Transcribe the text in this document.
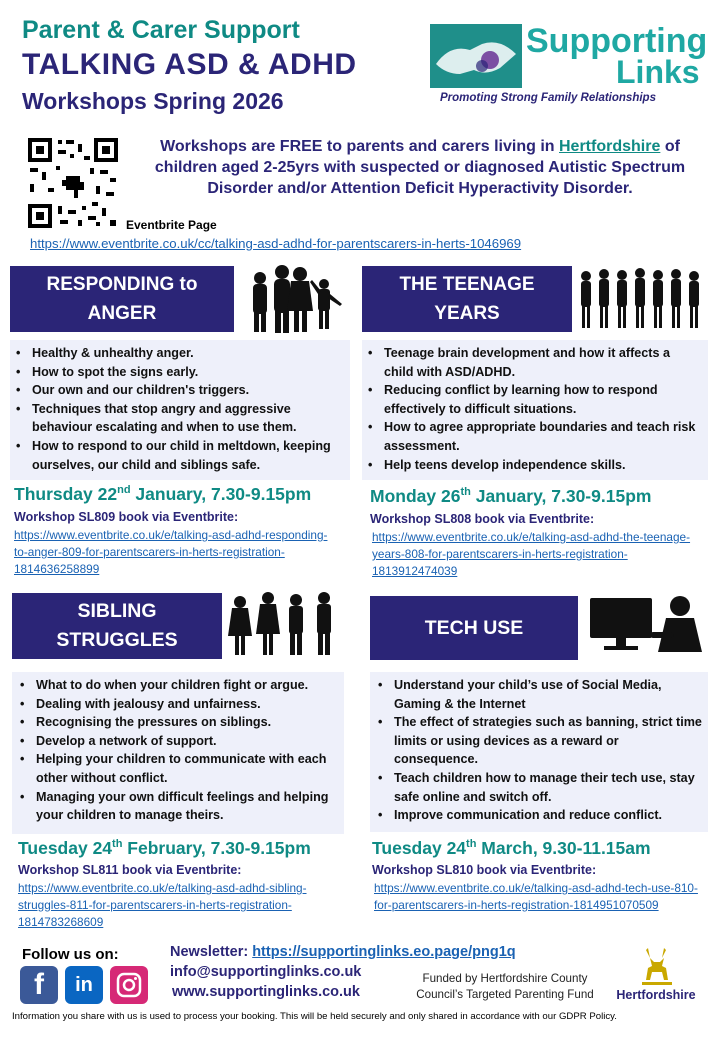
Parent & Carer Support
TALKING ASD & ADHD
Workshops Spring 2026
Supporting
Links
Promoting Strong Family Relationships
Eventbrite Page
Workshops are FREE to parents and carers living in Hertfordshire of children aged 2-25yrs with suspected or diagnosed Autistic Spectrum Disorder and/or Attention Deficit Hyperactivity Disorder.
https://www.eventbrite.co.uk/cc/talking-asd-adhd-for-parentscarers-in-herts-1046969
RESPONDING to
ANGER
• Healthy & unhealthy anger.
• How to spot the signs early.
• Our own and our children's triggers.
• Techniques that stop angry and aggressive behaviour escalating and when to use them.
• How to respond to our child in meltdown, keeping ourselves, our child and siblings safe.
Thursday 22nd January, 7.30-9.15pm
Workshop SL809 book via Eventbrite:
https://www.eventbrite.co.uk/e/talking-asd-adhd-responding-to-anger-809-for-parentscarers-in-herts-registration-1814636258899
THE TEENAGE
YEARS
• Teenage brain development and how it affects a child with ASD/ADHD.
• Reducing conflict by learning how to respond effectively to difficult situations.
• How to agree appropriate boundaries and teach risk assessment.
• Help teens develop independence skills.
Monday 26th January, 7.30-9.15pm
Workshop SL808 book via Eventbrite:
https://www.eventbrite.co.uk/e/talking-asd-adhd-the-teenage-years-808-for-parentscarers-in-herts-registration-1813912474039
SIBLING
STRUGGLES
• What to do when your children fight or argue.
• Dealing with jealousy and unfairness.
• Recognising the pressures on siblings.
• Develop a network of support.
• Helping your children to communicate with each other without conflict.
• Managing your own difficult feelings and helping your children to manage theirs.
Tuesday 24th February, 7.30-9.15pm
Workshop SL811 book via Eventbrite:
https://www.eventbrite.co.uk/e/talking-asd-adhd-sibling-struggles-811-for-parentscarers-in-herts-registration-1814783268609
TECH USE
• Understand your child’s use of Social Media, Gaming & the Internet
• The effect of strategies such as banning, strict time limits or using devices as a reward or consequence.
• Teach children how to manage their tech use, stay safe online and switch off.
• Improve communication and reduce conflict.
Tuesday 24th March, 9.30-11.15am
Workshop SL810 book via Eventbrite:
https://www.eventbrite.co.uk/e/talking-asd-adhd-tech-use-810-for-parentscarers-in-herts-registration-1814951070509
Follow us on:
f	in
Newsletter: https://supportinglinks.eo.page/png1q
info@supportinglinks.co.uk
www.supportinglinks.co.uk
Funded by Hertfordshire County Council’s Targeted Parenting Fund	Hertfordshire
Information you share with us is used to process your booking. This will be held securely and only shared in accordance with our GDPR Policy.
